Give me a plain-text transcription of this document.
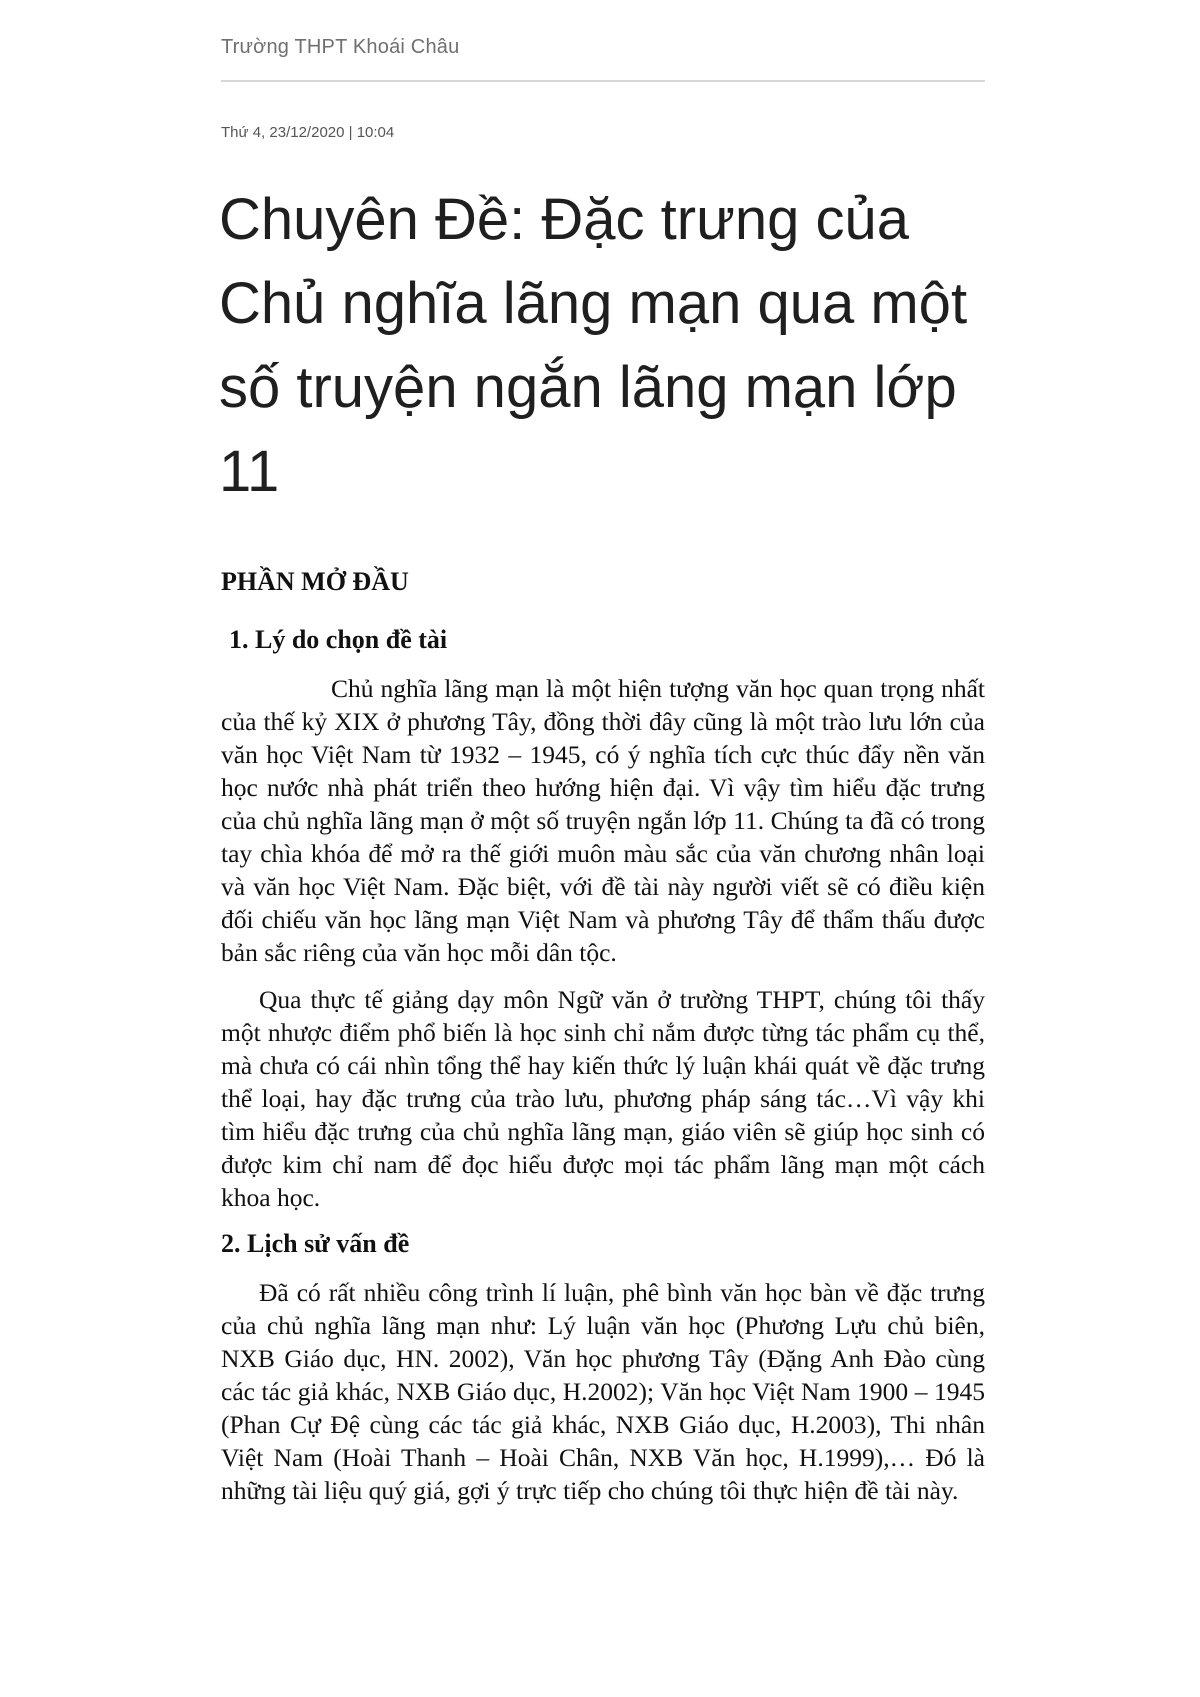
Trường THPT Khoái Châu

Thứ 4, 23/12/2020 | 10:04

Chuyên Đề: Đặc trưng của Chủ nghĩa lãng mạn qua một số truyện ngắn lãng mạn lớp 11
PHẦN MỞ ĐẦU
1. Lý do chọn đề tài

Chủ nghĩa lãng mạn là một hiện tượng văn học quan trọng nhất của thế kỷ XIX ở phương Tây, đồng thời đây cũng là một trào lưu lớn của văn học Việt Nam từ 1932 – 1945, có ý nghĩa tích cực thúc đẩy nền văn học nước nhà phát triển theo hướng hiện đại. Vì vậy tìm hiểu đặc trưng của chủ nghĩa lãng mạn ở một số truyện ngắn lớp 11. Chúng ta đã có trong tay chìa khóa để mở ra thế giới muôn màu sắc của văn chương nhân loại và văn học Việt Nam. Đặc biệt, với đề tài này người viết sẽ có điều kiện đối chiếu văn học lãng mạn Việt Nam và phương Tây để thẩm thấu được bản sắc riêng của văn học mỗi dân tộc.

Qua thực tế giảng dạy môn Ngữ văn ở trường THPT, chúng tôi thấy một nhược điểm phổ biến là học sinh chỉ nắm được từng tác phẩm cụ thể, mà chưa có cái nhìn tổng thể hay kiến thức lý luận khái quát về đặc trưng thể loại, hay đặc trưng của trào lưu, phương pháp sáng tác…Vì vậy khi tìm hiểu đặc trưng của chủ nghĩa lãng mạn, giáo viên sẽ giúp học sinh có được kim chỉ nam để đọc hiểu được mọi tác phẩm lãng mạn một cách khoa học.

2. Lịch sử vấn đề

Đã có rất nhiều công trình lí luận, phê bình văn học bàn về đặc trưng của chủ nghĩa lãng mạn như: Lý luận văn học (Phương Lựu chủ biên, NXB Giáo dục, HN. 2002), Văn học phương Tây (Đặng Anh Đào cùng các tác giả khác, NXB Giáo dục, H.2002); Văn học Việt Nam 1900 – 1945 (Phan Cự Đệ cùng các tác giả khác, NXB Giáo dục, H.2003), Thi nhân Việt Nam (Hoài Thanh – Hoài Chân, NXB Văn học, H.1999),… Đó là những tài liệu quý giá, gợi ý trực tiếp cho chúng tôi thực hiện đề tài này.
